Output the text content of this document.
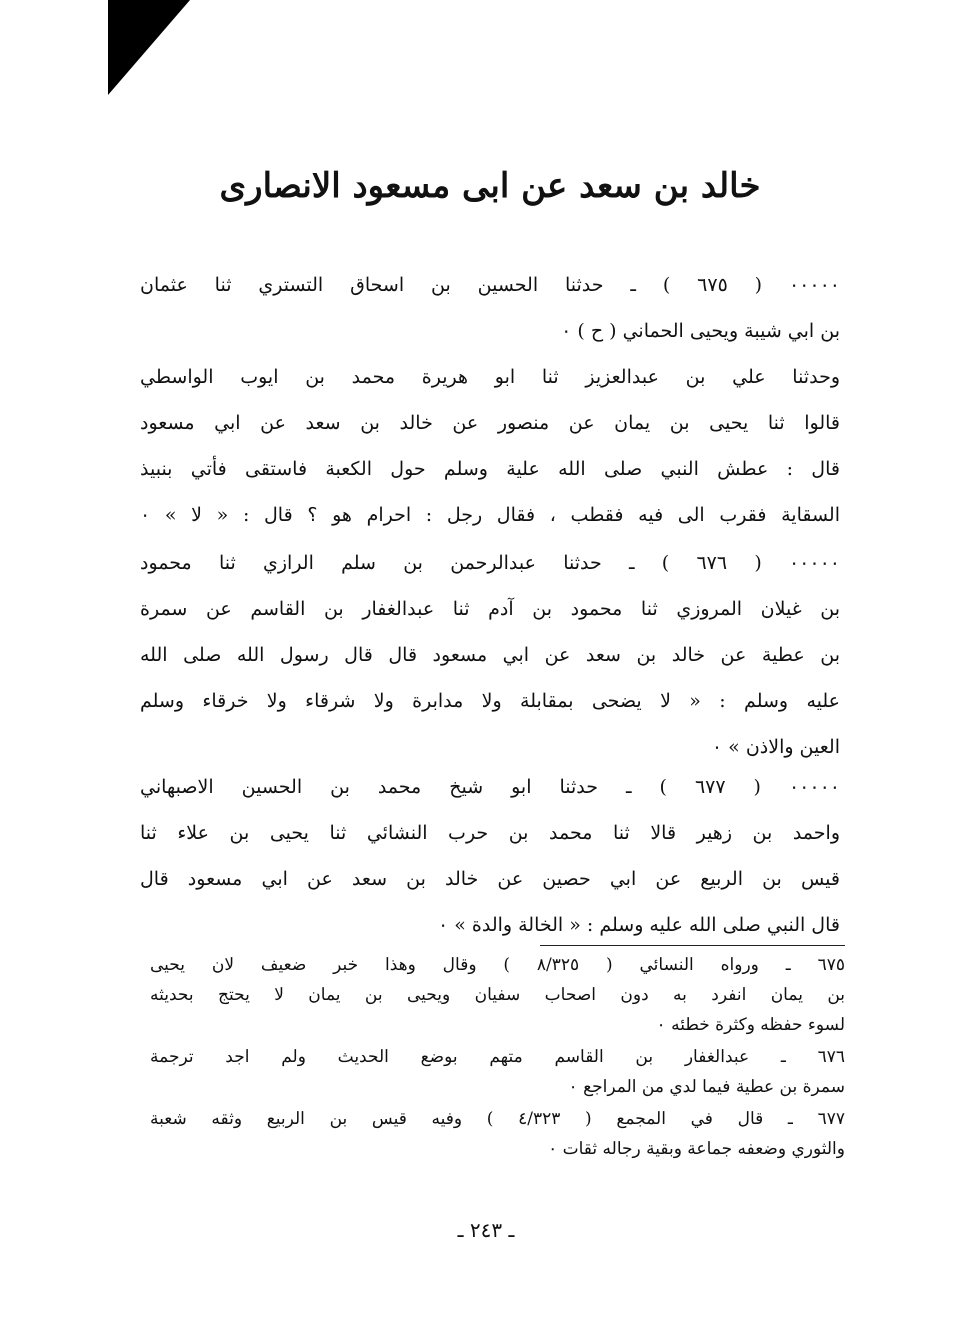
خالد بن سعد عن ابى مسعود الانصارى
٠٠٠٠٠ ( ٦٧٥ ) ـ حدثنا الحسين بن اسحاق التستري ثنا عثمان
بن ابي شيبة ويحيى الحماني ( ح ) ٠
وحدثنا علي بن عبدالعزيز ثنا ابو هريرة محمد بن ايوب الواسطي
قالوا ثنا يحيى بن يمان عن منصور عن خالد بن سعد عن ابي مسعود
قال : عطش النبي صلى الله علية وسلم حول الكعبة فاستقى فأتي بنبيذ
السقاية فقرب الى فيه فقطب ، فقال رجل : احرام هو ؟ قال : « لا » ٠
٠٠٠٠٠ ( ٦٧٦ ) ـ حدثنا عبدالرحمن بن سلم الرازي ثنا محمود
بن غيلان المروزي ثنا محمود بن آدم ثنا عبدالغفار بن القاسم عن سمرة
بن عطية عن خالد بن سعد عن ابي مسعود قال قال رسول الله صلى الله
عليه وسلم : « لا يضحى بمقابلة ولا مدابرة ولا شرقاء ولا خرقاء وسلم
العين والاذن » ٠
٠٠٠٠٠ ( ٦٧٧ ) ـ حدثنا ابو شيخ محمد بن الحسين الاصبهاني
واحمد بن زهير قالا ثنا محمد بن حرب النشائي ثنا يحيى بن علاء ثنا
قيس بن الربيع عن ابي حصين عن خالد بن سعد عن ابي مسعود قال
قال النبي صلى الله عليه وسلم : « الخالة والدة » ٠
٦٧٥ ـ ورواه النسائي ( ٨/٣٢٥ ) وقال وهذا خبر ضعيف لان يحيى
بن يمان انفرد به دون اصحاب سفيان ويحيى بن يمان لا يحتج بحديثه
لسوء حفظه وكثرة خطئه ٠
٦٧٦ ـ عبدالغفار بن القاسم متهم بوضع الحديث ولم اجد ترجمة
سمرة بن عطية فيما لدي من المراجع ٠
٦٧٧ ـ قال في المجمع ( ٤/٣٢٣ ) وفيه قيس بن الربيع وثقه شعبة
والثوري وضعفه جماعة وبقية رجاله ثقات ٠
ـ ٢٤٣ ـ
